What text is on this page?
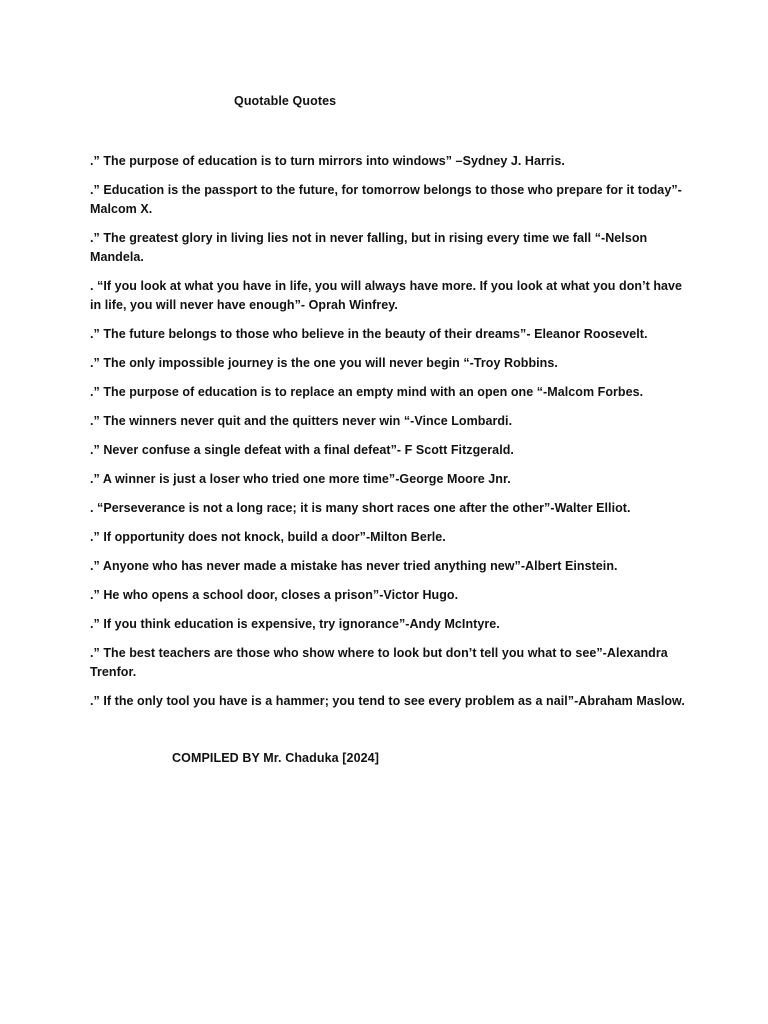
Quotable Quotes
.” The purpose of education is to turn mirrors into windows” –Sydney J. Harris.
.” Education is the passport to the future, for tomorrow belongs to those who prepare for it today”- Malcom X.
.” The greatest glory in living lies not in never falling, but in rising every time we fall “-Nelson Mandela.
. “If you look at what you have in life, you will always have more. If you look at what you don’t have in life, you will never have enough”- Oprah Winfrey.
.” The future belongs to those who believe in the beauty of their dreams”- Eleanor Roosevelt.
.” The only impossible journey is the one you will never begin “-Troy Robbins.
.” The purpose of education is to replace an empty mind with an open one “-Malcom Forbes.
.” The winners never quit and the quitters never win “-Vince Lombardi.
.” Never confuse a single defeat with a final defeat”- F Scott Fitzgerald.
.” A winner is just a loser who tried one more time”-George Moore Jnr.
. “Perseverance is not a long race; it is many short races one after the other”-Walter Elliot.
.” If opportunity does not knock, build a door”-Milton Berle.
.” Anyone who has never made a mistake has never tried anything new”-Albert Einstein.
.” He who opens a school door, closes a prison”-Victor Hugo.
.” If you think education is expensive, try ignorance”-Andy McIntyre.
.” The best teachers are those who show where to look but don’t tell you what to see”-Alexandra Trenfor.
.” If the only tool you have is a hammer; you tend to see every problem as a nail”-Abraham Maslow.
COMPILED BY Mr. Chaduka [2024]
